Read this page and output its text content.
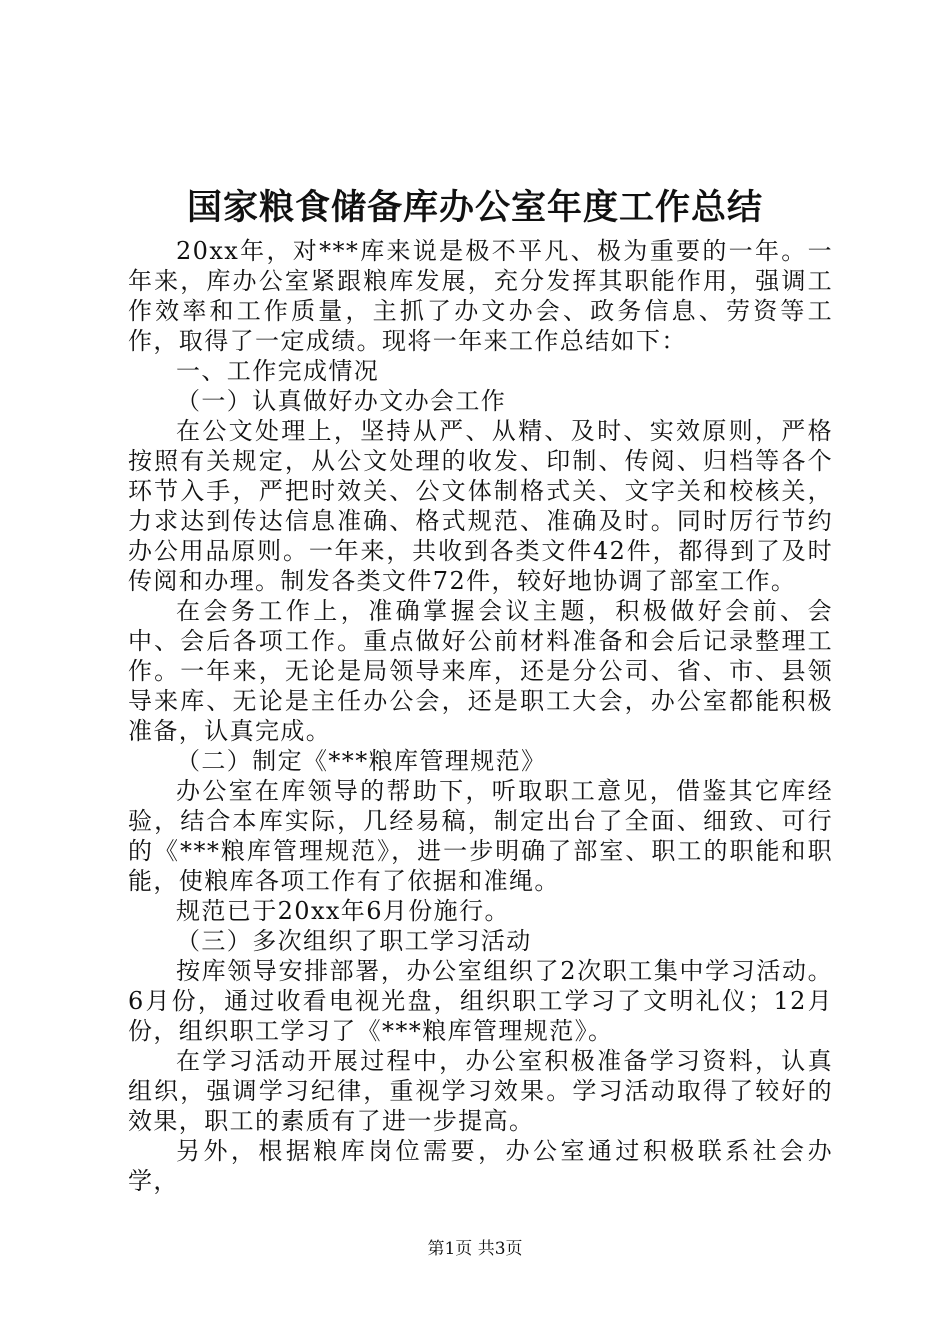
国家粮食储备库办公室年度工作总结

20xx年，对***库来说是极不平凡、极为重要的一年。一年来，库办公室紧跟粮库发展，充分发挥其职能作用，强调工作效率和工作质量，主抓了办文办会、政务信息、劳资等工作，取得了一定成绩。现将一年来工作总结如下：

一、工作完成情况

（一）认真做好办文办会工作

在公文处理上，坚持从严、从精、及时、实效原则，严格按照有关规定，从公文处理的收发、印制、传阅、归档等各个环节入手，严把时效关、公文体制格式关、文字关和校核关，力求达到传达信息准确、格式规范、准确及时。同时厉行节约办公用品原则。一年来，共收到各类文件42件，都得到了及时传阅和办理。制发各类文件72件，较好地协调了部室工作。

在会务工作上，准确掌握会议主题，积极做好会前、会中、会后各项工作。重点做好公前材料准备和会后记录整理工作。一年来，无论是局领导来库，还是分公司、省、市、县领导来库、无论是主任办公会，还是职工大会，办公室都能积极准备，认真完成。

（二）制定《***粮库管理规范》

办公室在库领导的帮助下，听取职工意见，借鉴其它库经验，结合本库实际，几经易稿，制定出台了全面、细致、可行的《***粮库管理规范》，进一步明确了部室、职工的职能和职能，使粮库各项工作有了依据和准绳。

规范已于20xx年6月份施行。

（三）多次组织了职工学习活动

按库领导安排部署，办公室组织了2次职工集中学习活动。6月份，通过收看电视光盘，组织职工学习了文明礼仪；12月份，组织职工学习了《***粮库管理规范》。

在学习活动开展过程中，办公室积极准备学习资料，认真组织，强调学习纪律，重视学习效果。学习活动取得了较好的效果，职工的素质有了进一步提高。

另外，根据粮库岗位需要，办公室通过积极联系社会办学，

第1页 共3页
